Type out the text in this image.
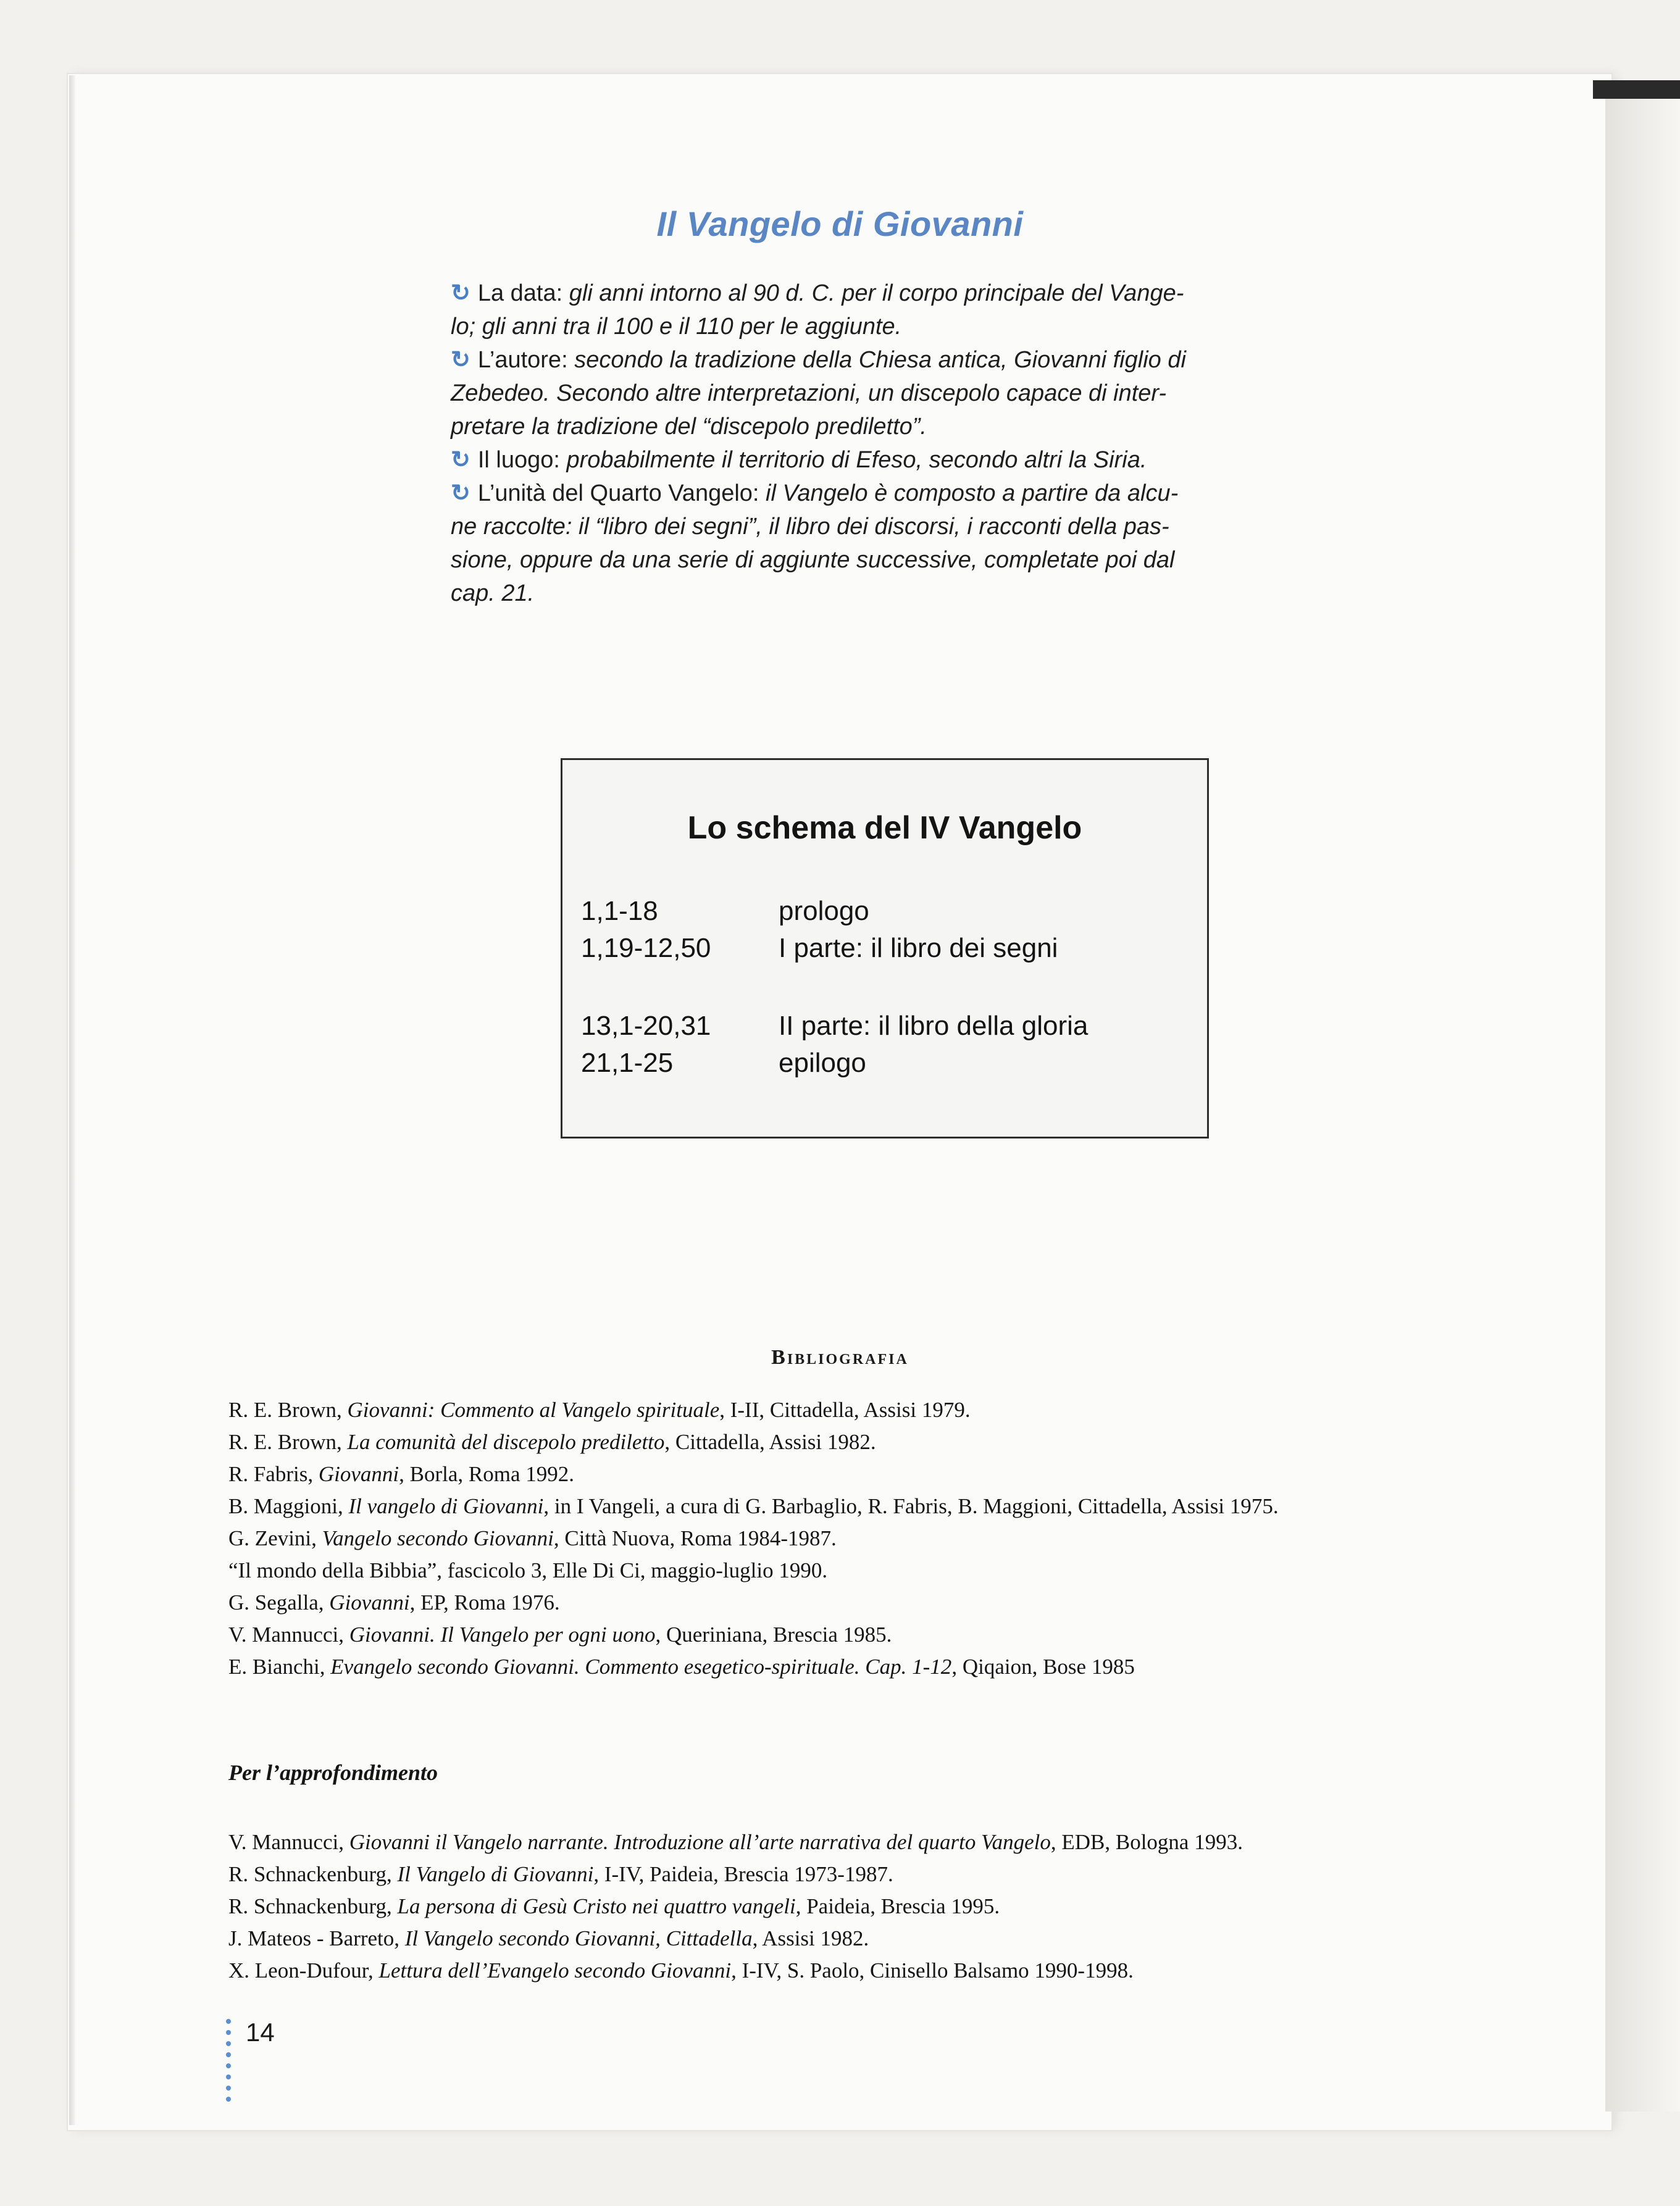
Il Vangelo di Giovanni

↻ La data: gli anni intorno al 90 d. C. per il corpo principale del Vange-

lo; gli anni tra il 100 e il 110 per le aggiunte.

↻ L’autore: secondo la tradizione della Chiesa antica, Giovanni figlio di

Zebedeo. Secondo altre interpretazioni, un discepolo capace di inter-

pretare la tradizione del “discepolo prediletto”.

↻ Il luogo: probabilmente il territorio di Efeso, secondo altri la Siria.

↻ L’unità del Quarto Vangelo: il Vangelo è composto a partire da alcu-

ne raccolte: il “libro dei segni”, il libro dei discorsi, i racconti della pas-

sione, oppure da una serie di aggiunte successive, completate poi dal

cap. 21.

Lo schema del IV Vangelo
1,1-18	prologo
1,19-12,50 I parte: il libro dei segni
13,1-20,31 II parte: il libro della gloria
21,1-25	epilogo
Bibliografia

R. E. Brown, Giovanni: Commento al Vangelo spirituale, I-II, Cittadella, Assisi 1979.

R. E. Brown, La comunità del discepolo prediletto, Cittadella, Assisi 1982.

R. Fabris, Giovanni, Borla, Roma 1992.

B. Maggioni, Il vangelo di Giovanni, in I Vangeli, a cura di G. Barbaglio, R. Fabris, B. Maggioni, Cittadella, Assisi 1975.

G. Zevini, Vangelo secondo Giovanni, Città Nuova, Roma 1984-1987.

“Il mondo della Bibbia”, fascicolo 3, Elle Di Ci, maggio-luglio 1990.

G. Segalla, Giovanni, EP, Roma 1976.

V. Mannucci, Giovanni. Il Vangelo per ogni uono, Queriniana, Brescia 1985.

E. Bianchi, Evangelo secondo Giovanni. Commento esegetico-spirituale. Cap. 1-12, Qiqaion, Bose 1985

Per l’approfondimento

V. Mannucci, Giovanni il Vangelo narrante. Introduzione all’arte narrativa del quarto Vangelo, EDB, Bologna 1993.

R. Schnackenburg, Il Vangelo di Giovanni, I-IV, Paideia, Brescia 1973-1987.

R. Schnackenburg, La persona di Gesù Cristo nei quattro vangeli, Paideia, Brescia 1995.

J. Mateos - Barreto, Il Vangelo secondo Giovanni, Cittadella, Assisi 1982.

X. Leon-Dufour, Lettura dell’Evangelo secondo Giovanni, I-IV, S. Paolo, Cinisello Balsamo 1990-1998.

14
